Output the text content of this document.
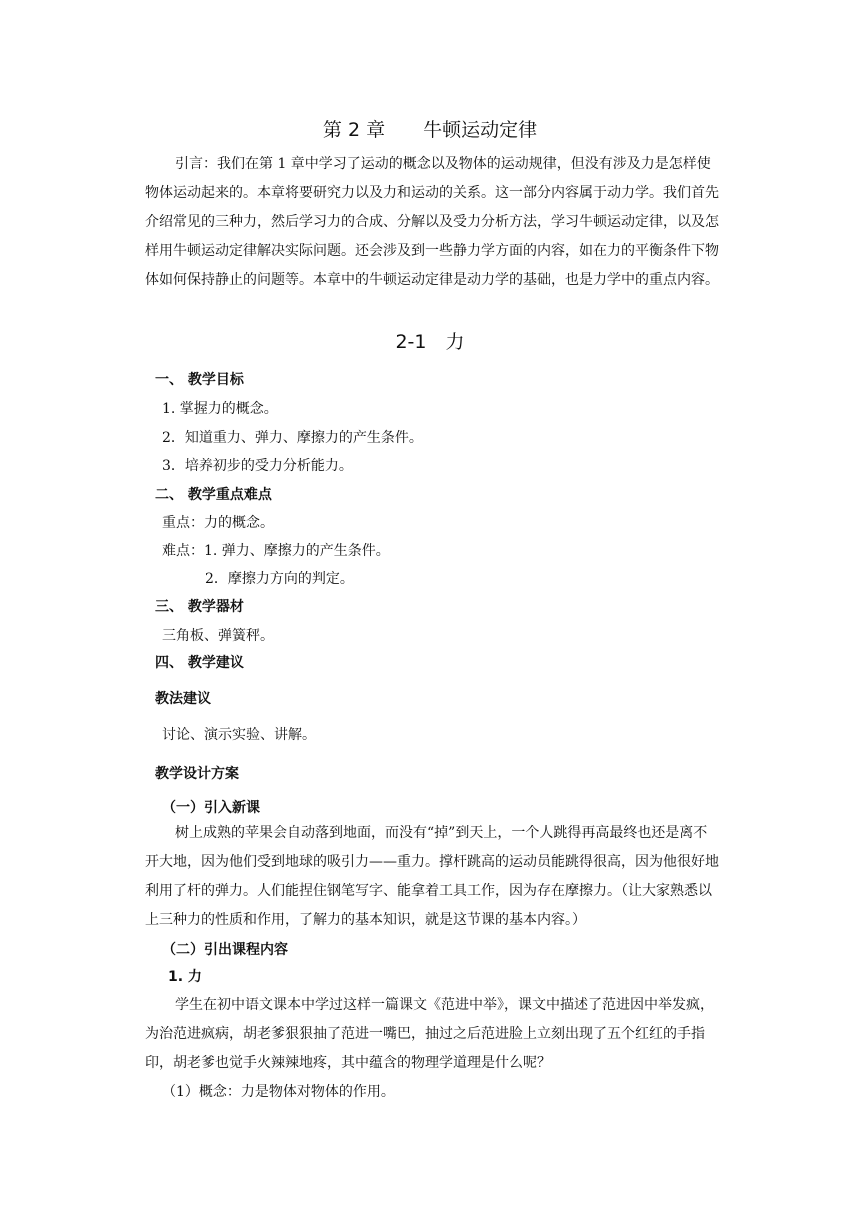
第 2 章　　牛顿运动定律
引言：我们在第 1 章中学习了运动的概念以及物体的运动规律，但没有涉及力是怎样使物体运动起来的。本章将要研究力以及力和运动的关系。这一部分内容属于动力学。我们首先介绍常见的三种力，然后学习力的合成、分解以及受力分析方法，学习牛顿运动定律，以及怎样用牛顿运动定律解决实际问题。还会涉及到一些静力学方面的内容，如在力的平衡条件下物体如何保持静止的问题等。本章中的牛顿运动定律是动力学的基础，也是力学中的重点内容。
2-1　力
一、 教学目标
1. 掌握力的概念。
2．知道重力、弹力、摩擦力的产生条件。
3．培养初步的受力分析能力。
二、 教学重点难点
重点：力的概念。
难点：1. 弹力、摩擦力的产生条件。
2．摩擦力方向的判定。
三、 教学器材
三角板、弹簧秤。
四、 教学建议
教法建议
讨论、演示实验、讲解。
教学设计方案
（一）引入新课
树上成熟的苹果会自动落到地面，而没有“掉”到天上，一个人跳得再高最终也还是离不开大地，因为他们受到地球的吸引力——重力。撑杆跳高的运动员能跳得很高，因为他很好地利用了杆的弹力。人们能捏住钢笔写字、能拿着工具工作，因为存在摩擦力。（让大家熟悉以上三种力的性质和作用，了解力的基本知识，就是这节课的基本内容。）
（二）引出课程内容
1. 力
学生在初中语文课本中学过这样一篇课文《范进中举》，课文中描述了范进因中举发疯，为治范进疯病，胡老爹狠狠抽了范进一嘴巴，抽过之后范进脸上立刻出现了五个红红的手指印，胡老爹也觉手火辣辣地疼，其中蕴含的物理学道理是什么呢？
（1）概念：力是物体对物体的作用。
